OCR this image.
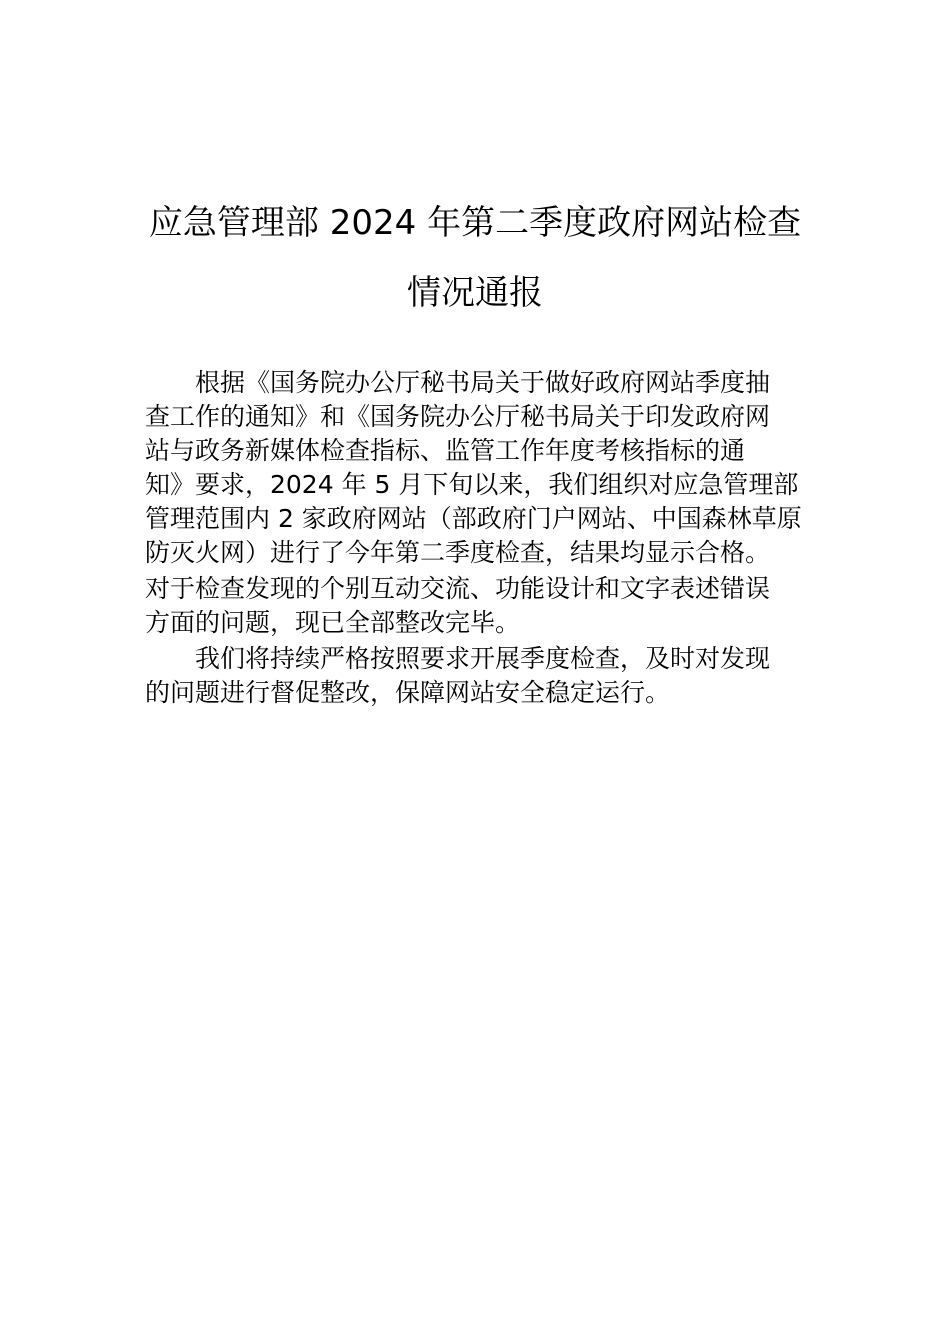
应急管理部 2024 年第二季度政府网站检查
情况通报
根据《国务院办公厅秘书局关于做好政府网站季度抽
查工作的通知》和《国务院办公厅秘书局关于印发政府网
站与政务新媒体检查指标、监管工作年度考核指标的通
知》要求，2024 年 5 月下旬以来，我们组织对应急管理部
管理范围内 2 家政府网站（部政府门户网站、中国森林草原
防灭火网）进行了今年第二季度检查，结果均显示合格。
对于检查发现的个别互动交流、功能设计和文字表述错误
方面的问题，现已全部整改完毕。
我们将持续严格按照要求开展季度检查，及时对发现
的问题进行督促整改，保障网站安全稳定运行。
